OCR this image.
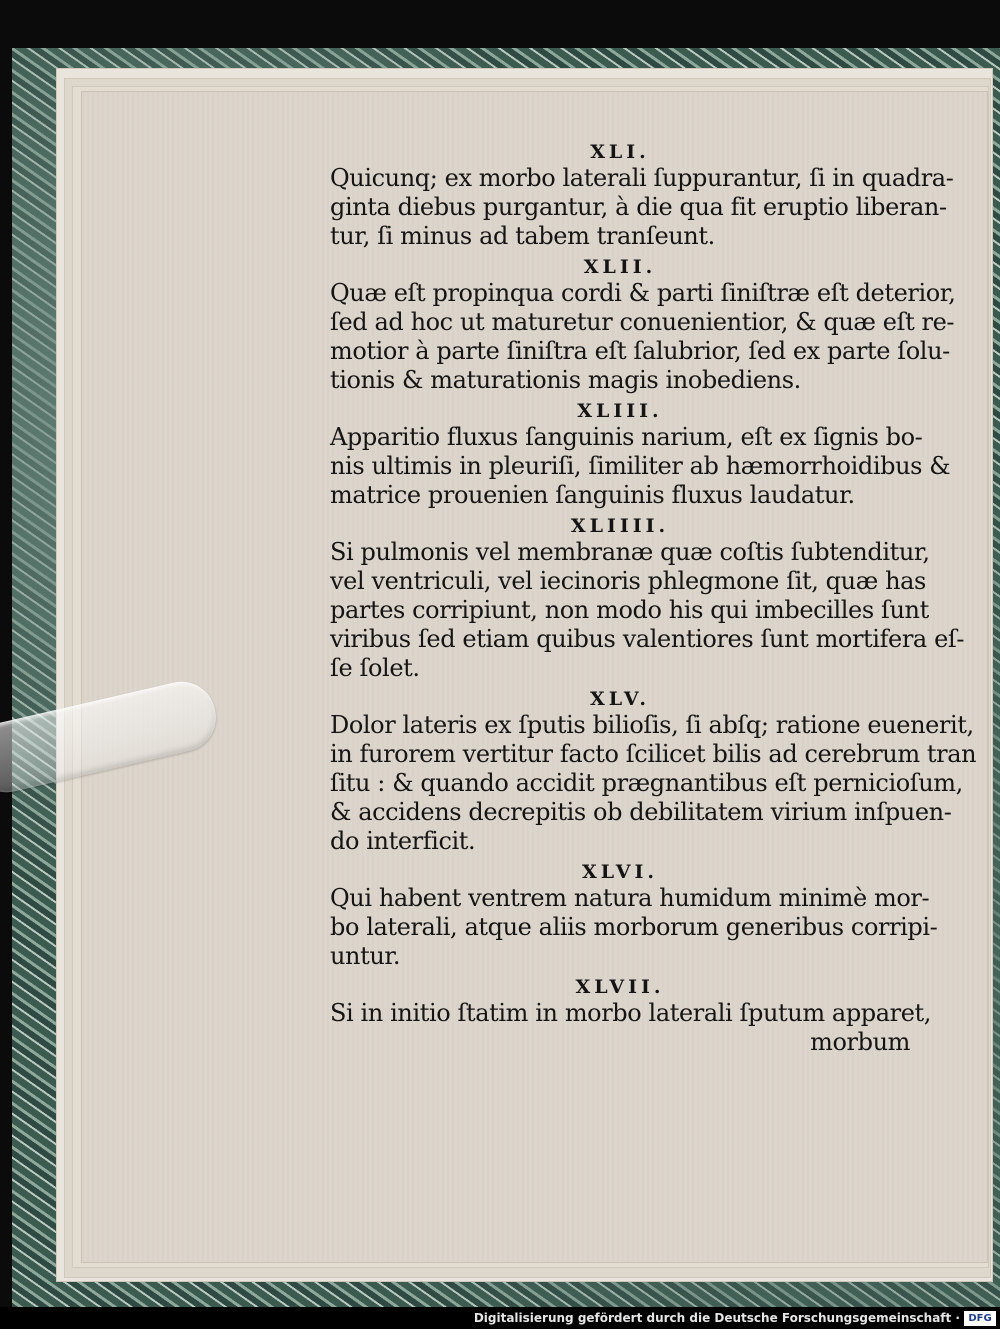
XLI.

Quicunq; ex morbo laterali ſuppurantur, ſi in quadra-
ginta diebus purgantur, à die qua fit eruptio liberan-
tur, ſi minus ad tabem tranſeunt.

XLII.

Quæ eſt propinqua cordi & parti ſiniſtræ eſt deterior,
ſed ad hoc ut maturetur conuenientior, & quæ eſt re-
motior à parte ſiniſtra eſt ſalubrior, ſed ex parte ſolu-
tionis & maturationis magis inobediens.

XLIII.

Apparitio fluxus ſanguinis narium, eſt ex ſignis bo-
nis ultimis in pleuriſi, ſimiliter ab hæmorrhoidibus &
matrice prouenien ſanguinis fluxus laudatur.

XLIIII.

Si pulmonis vel membranæ quæ coſtis ſubtenditur,
vel ventriculi, vel iecinoris phlegmone ſit, quæ has
partes corripiunt, non modo his qui imbecilles ſunt
viribus ſed etiam quibus valentiores ſunt mortifera eſ-
ſe ſolet.

XLV.

Dolor lateris ex ſputis bilioſis, ſi abſq; ratione euenerit,
in furorem vertitur facto ſcilicet bilis ad cerebrum tran
ſitu : & quando accidit prægnantibus eſt pernicioſum,
& accidens decrepitis ob debilitatem virium inſpuen-
do interficit.

XLVI.

Qui habent ventrem natura humidum minimè mor-
bo laterali, atque aliis morborum generibus corripi-
untur.

XLVII.

Si in initio ſtatim in morbo laterali ſputum apparet,

morbum
Digitalisierung gefördert durch die Deutsche Forschungsgemeinschaft · DFG
